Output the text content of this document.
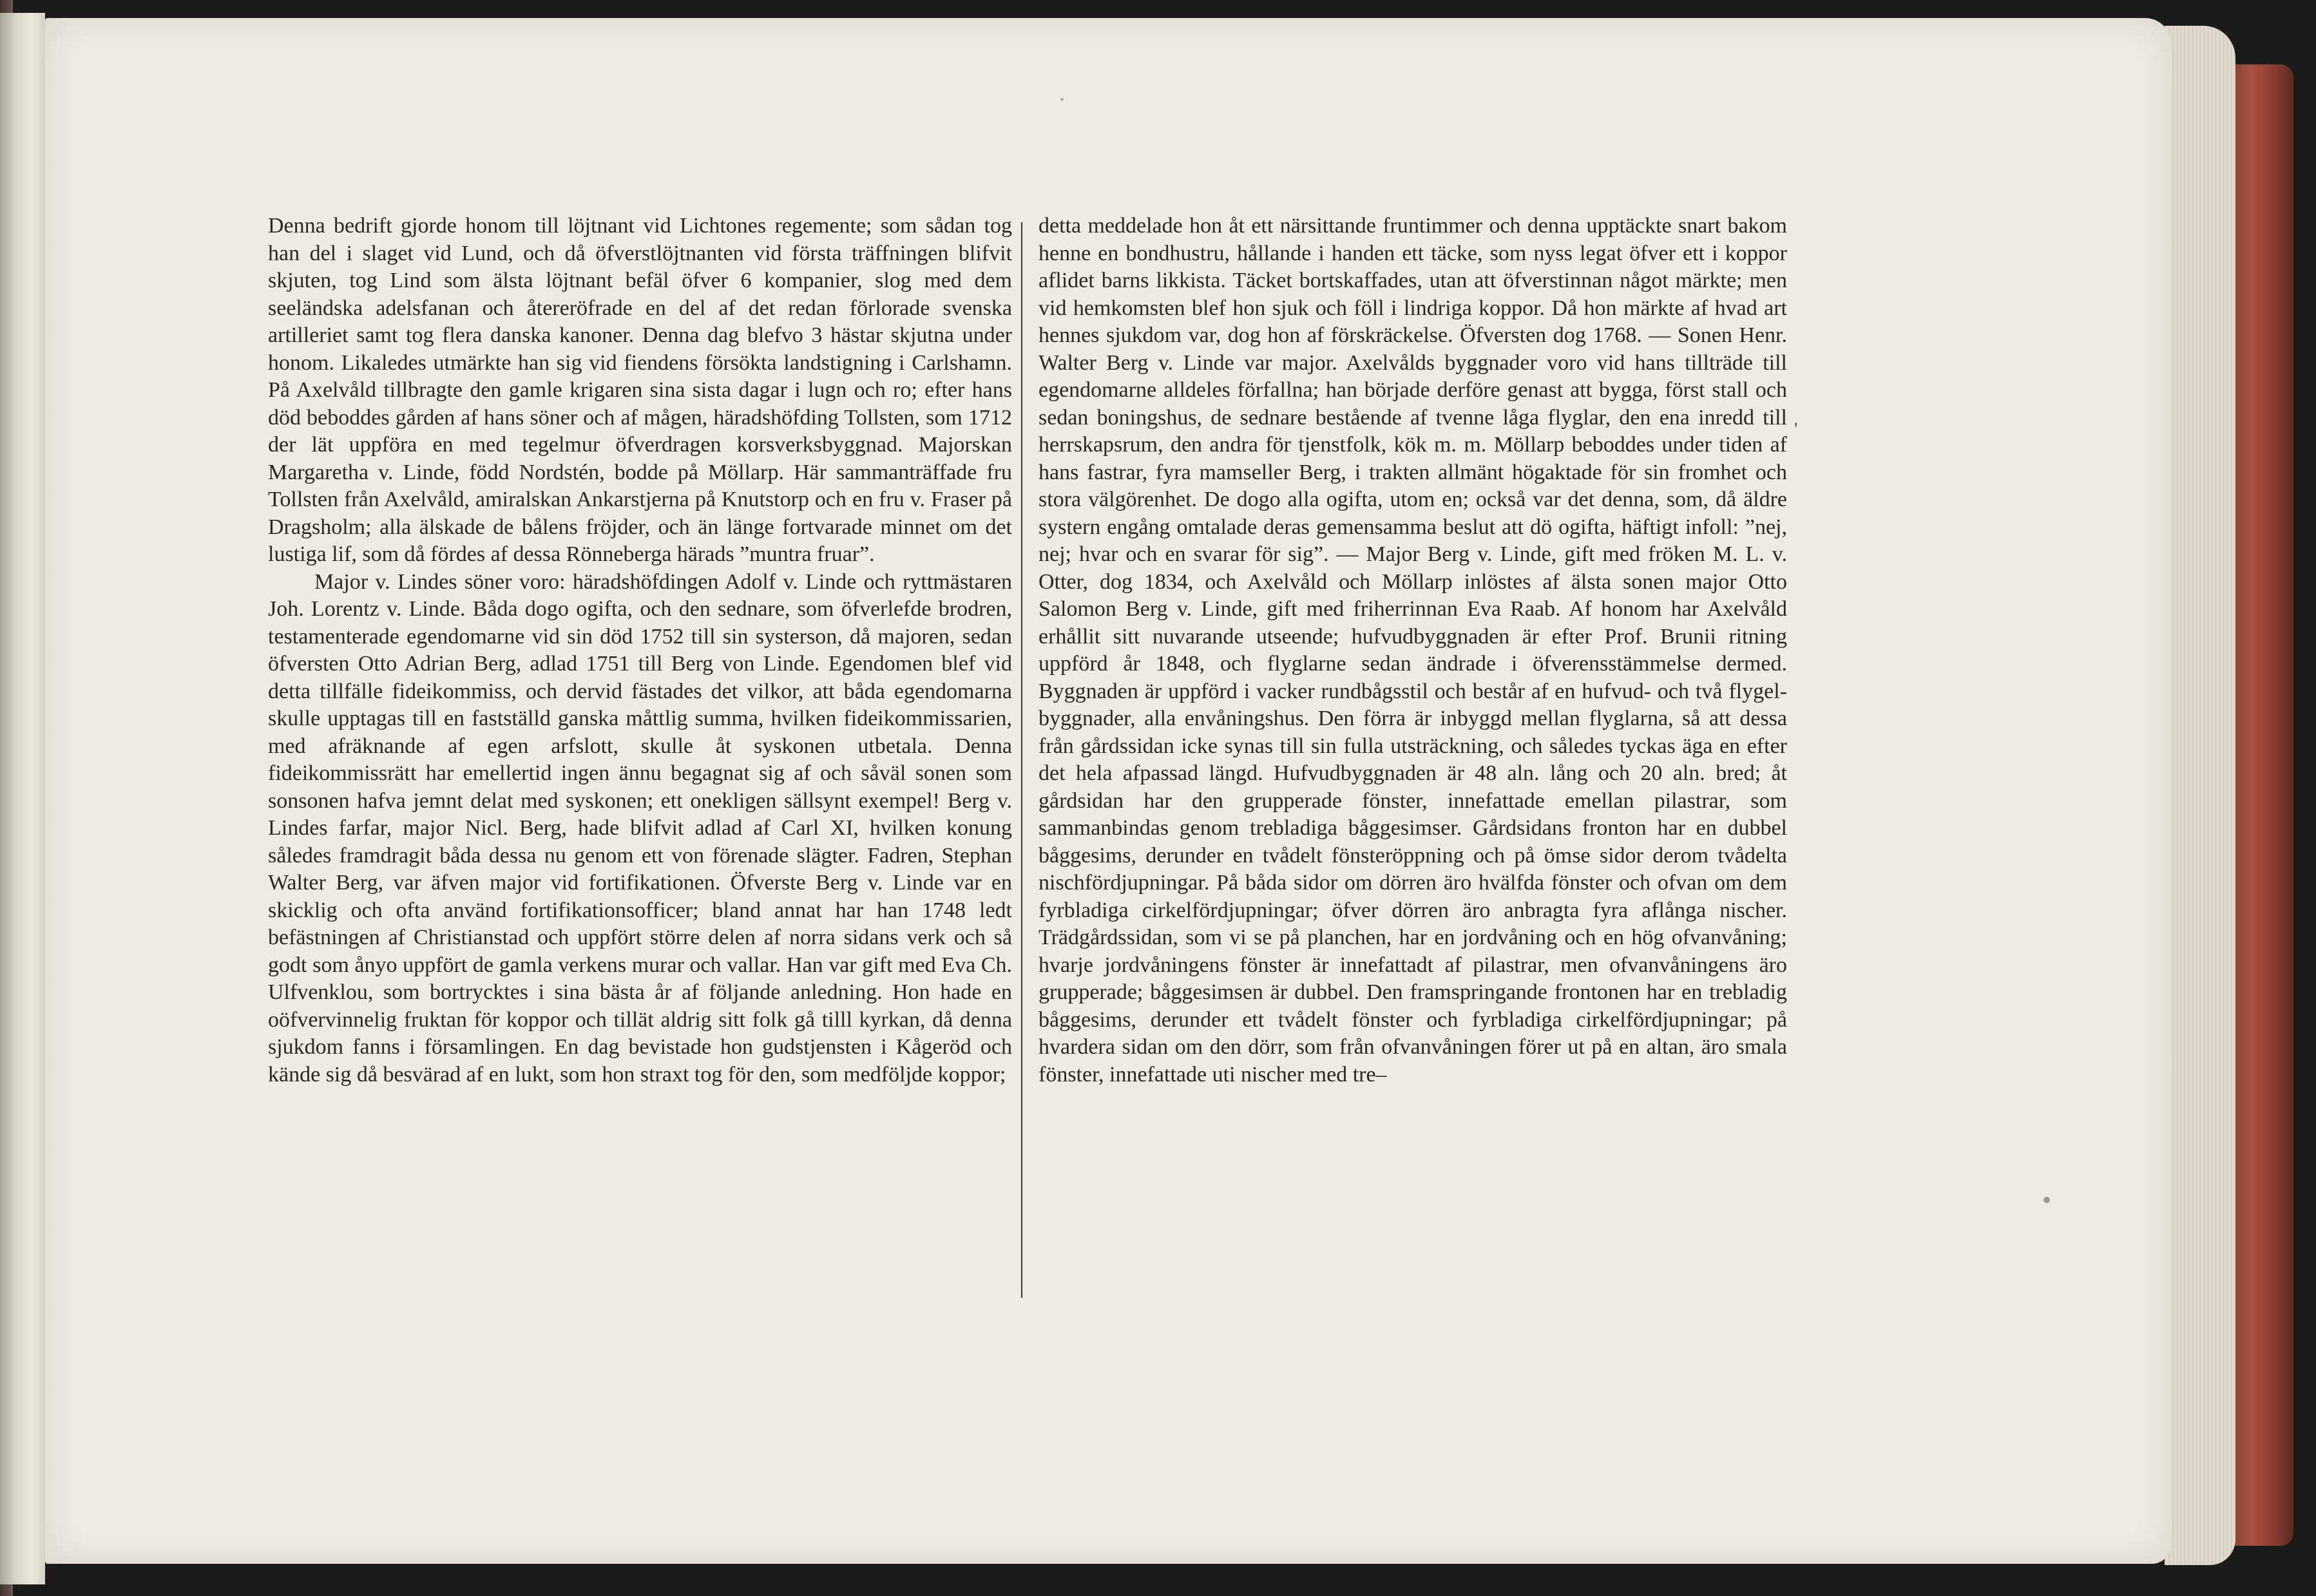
Denna bedrift gjorde honom till löjtnant vid Lichtones regemente; som sådan tog han del i slaget vid Lund, och då öfverstlöjtnanten vid första träffningen blifvit skjuten, tog Lind som älsta löjtnant befäl öfver 6 kompanier, slog med dem seeländska adelsfanan och återeröfrade en del af det redan förlorade svenska artilleriet samt tog flera danska kanoner. Denna dag blefvo 3 hästar skjutna under honom. Likaledes utmärkte han sig vid fiendens försökta landstigning i Carlshamn. På Axelvåld tillbragte den gamle krigaren sina sista dagar i lugn och ro; efter hans död beboddes gården af hans söner och af mågen, häradshöfding Tollsten, som 1712 der lät uppföra en med tegelmur öfverdragen korsverksbyggnad. Majorskan Margaretha v. Linde, född Nordstén, bodde på Möllarp. Här sammanträffade fru Tollsten från Axelvåld, amiralskan Ankarstjerna på Knutstorp och en fru v. Fraser på Dragsholm; alla älskade de bålens fröjder, och än länge fortvarade minnet om det lustiga lif, som då fördes af dessa Rönneberga härads ”muntra fruar”.

Major v. Lindes söner voro: häradshöfdingen Adolf v. Linde och ryttmästaren Joh. Lorentz v. Linde. Båda dogo ogifta, och den sednare, som öfverlefde brodren, testamenterade egendomarne vid sin död 1752 till sin systerson, då majoren, sedan öfversten Otto Adrian Berg, adlad 1751 till Berg von Linde. Egendomen blef vid detta tillfälle fideikommiss, och dervid fästades det vilkor, att båda egendomarna skulle upptagas till en fastställd ganska måttlig summa, hvilken fideikommissarien, med afräknande af egen arfslott, skulle åt syskonen utbetala. Denna fideikommissrätt har emellertid ingen ännu begagnat sig af och såväl sonen som sonsonen hafva jemnt delat med syskonen; ett onekligen sällsynt exempel! Berg v. Lindes farfar, major Nicl. Berg, hade blifvit adlad af Carl XI, hvilken konung således framdragit båda dessa nu genom ett von förenade slägter. Fadren, Stephan Walter Berg, var äfven major vid fortifikationen. Öfverste Berg v. Linde var en skicklig och ofta använd fortifikationsofficer; bland annat har han 1748 ledt befästningen af Christianstad och uppfört större delen af norra sidans verk och så godt som ånyo uppfört de gamla verkens murar och vallar. Han var gift med Eva Ch. Ulfvenklou, som bortrycktes i sina bästa år af följande anledning. Hon hade en oöfvervinnelig fruktan för koppor och tillät aldrig sitt folk gå tilll kyrkan, då denna sjukdom fanns i församlingen. En dag bevistade hon gudstjensten i Kågeröd och kände sig då besvärad af en lukt, som hon straxt tog för den, som medföljde koppor;

detta meddelade hon åt ett närsittande fruntimmer och denna upptäckte snart bakom henne en bondhustru, hållande i handen ett täcke, som nyss legat öfver ett i koppor aflidet barns likkista. Täcket bortskaffades, utan att öfverstinnan något märkte; men vid hemkomsten blef hon sjuk och föll i lindriga koppor. Då hon märkte af hvad art hennes sjukdom var, dog hon af förskräckelse. Öfversten dog 1768. — Sonen Henr. Walter Berg v. Linde var major. Axelvålds byggnader voro vid hans tillträde till egendomarne alldeles förfallna; han började derföre genast att bygga, först stall och sedan boningshus, de sednare bestående af tvenne låga flyglar, den ena inredd till herrskapsrum, den andra för tjenstfolk, kök m. m. Möllarp beboddes under tiden af hans fastrar, fyra mamseller Berg, i trakten allmänt högaktade för sin fromhet och stora välgörenhet. De dogo alla ogifta, utom en; också var det denna, som, då äldre systern engång omtalade deras gemensamma beslut att dö ogifta, häftigt infoll: ”nej, nej; hvar och en svarar för sig”. — Major Berg v. Linde, gift med fröken M. L. v. Otter, dog 1834, och Axelvåld och Möllarp inlöstes af älsta sonen major Otto Salomon Berg v. Linde, gift med friherrinnan Eva Raab. Af honom har Axelvåld erhållit sitt nuvarande utseende; hufvudbyggnaden är efter Prof. Brunii ritning uppförd år 1848, och flyglarne sedan ändrade i öfverensstämmelse dermed. Byggnaden är uppförd i vacker rundbågsstil och består af en hufvud- och två flygel-byggnader, alla envåningshus. Den förra är inbyggd mellan flyglarna, så att dessa från gårdssidan icke synas till sin fulla utsträckning, och således tyckas äga en efter det hela afpassad längd. Hufvudbyggnaden är 48 aln. lång och 20 aln. bred; åt gårdsidan har den grupperade fönster, innefattade emellan pilastrar, som sammanbindas genom trebladiga båggesimser. Gårdsidans fronton har en dubbel båggesims, derunder en tvådelt fönsteröppning och på ömse sidor derom tvådelta nischfördjupningar. På båda sidor om dörren äro hvälfda fönster och ofvan om dem fyrbladiga cirkelfördjupningar; öfver dörren äro anbragta fyra aflånga nischer. Trädgårdssidan, som vi se på planchen, har en jordvåning och en hög ofvanvåning; hvarje jordvåningens fönster är innefattadt af pilastrar, men ofvanvåningens äro grupperade; båggesimsen är dubbel. Den framspringande frontonen har en trebladig båggesims, derunder ett tvådelt fönster och fyrbladiga cirkelfördjupningar; på hvardera sidan om den dörr, som från ofvanvåningen förer ut på en altan, äro smala fönster, innefattade uti nischer med tre–

'
